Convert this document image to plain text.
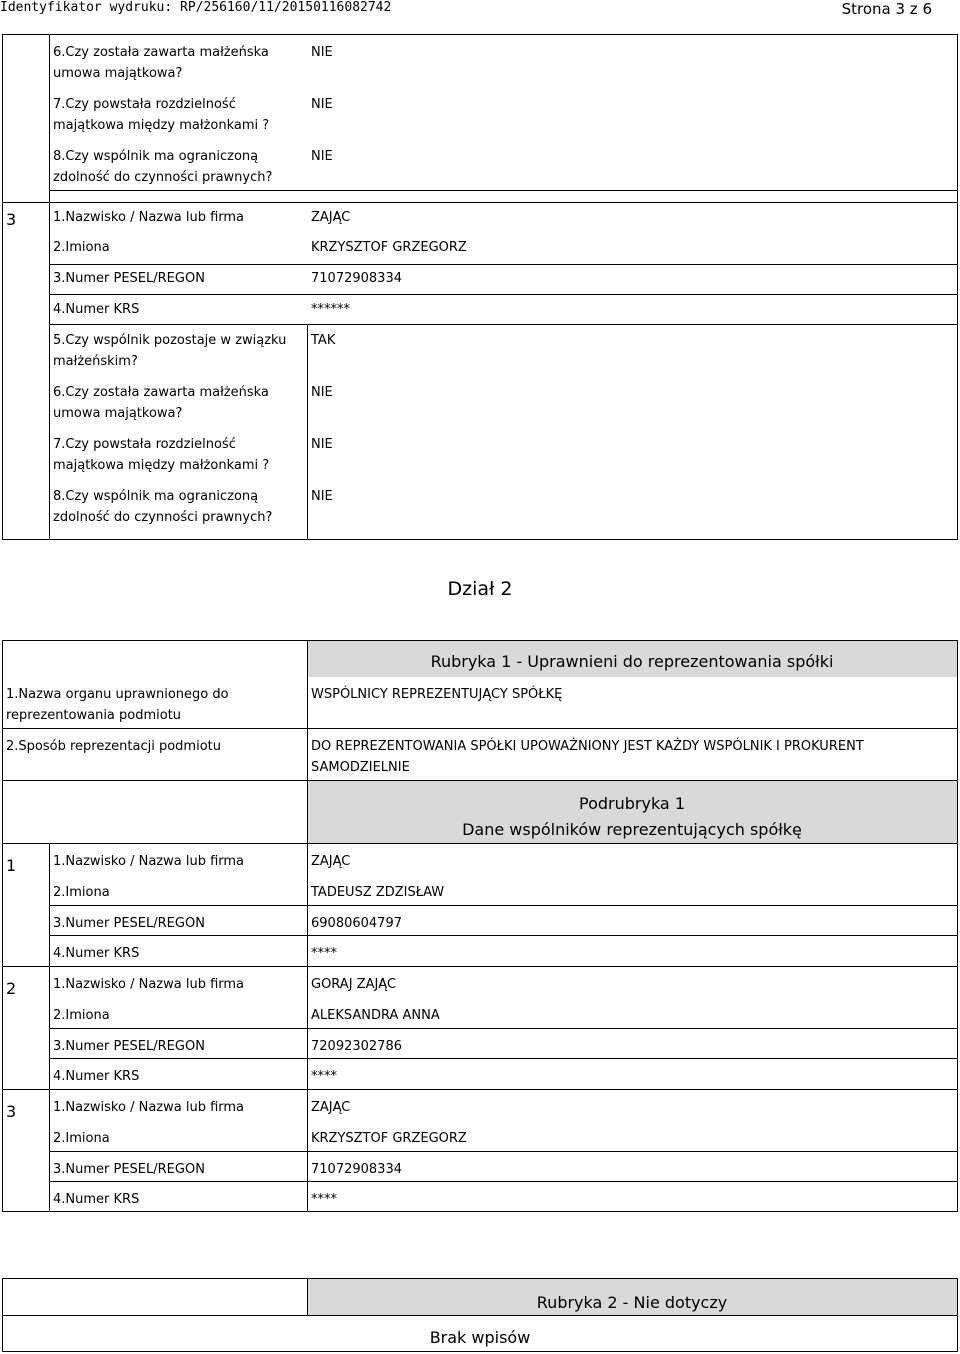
Identyfikator wydruku: RP/256160/11/20150116082742	Strona 3 z 6
6.Czy została zawarta małżeńska umowa majątkowa?
NIE
7.Czy powstała rozdzielność majątkowa między małżonkami ?
NIE
8.Czy wspólnik ma ograniczoną zdolność do czynności prawnych?
NIE
3	1.Nazwisko / Nazwa lub firma	ZAJĄC
2.Imiona	KRZYSZTOF GRZEGORZ
3.Numer PESEL/REGON	71072908334
4.Numer KRS	******
5.Czy wspólnik pozostaje w związku małżeńskim?
TAK
6.Czy została zawarta małżeńska umowa majątkowa?
NIE
7.Czy powstała rozdzielność majątkowa między małżonkami ?
NIE
8.Czy wspólnik ma ograniczoną zdolność do czynności prawnych?
NIE
Dział 2
Rubryka 1 - Uprawnieni do reprezentowania spółki
1.Nazwa organu uprawnionego do reprezentowania podmiotu
WSPÓLNICY REPREZENTUJĄCY SPÓŁKĘ
2.Sposób reprezentacji podmiotu	DO REPREZENTOWANIA SPÓŁKI UPOWAŻNIONY JEST KAŻDY WSPÓLNIK I PROKURENT SAMODZIELNIE
Podrubryka 1
Dane wspólników reprezentujących spółkę
1	1.Nazwisko / Nazwa lub firma	ZAJĄC
2.Imiona	TADEUSZ ZDZISŁAW
3.Numer PESEL/REGON	69080604797
4.Numer KRS	****
2	1.Nazwisko / Nazwa lub firma	GORAJ ZAJĄC
2.Imiona	ALEKSANDRA ANNA
3.Numer PESEL/REGON	72092302786
4.Numer KRS	****
3	1.Nazwisko / Nazwa lub firma	ZAJĄC
2.Imiona	KRZYSZTOF GRZEGORZ
3.Numer PESEL/REGON	71072908334
4.Numer KRS	****
Rubryka 2 - Nie dotyczy
Brak wpisów
